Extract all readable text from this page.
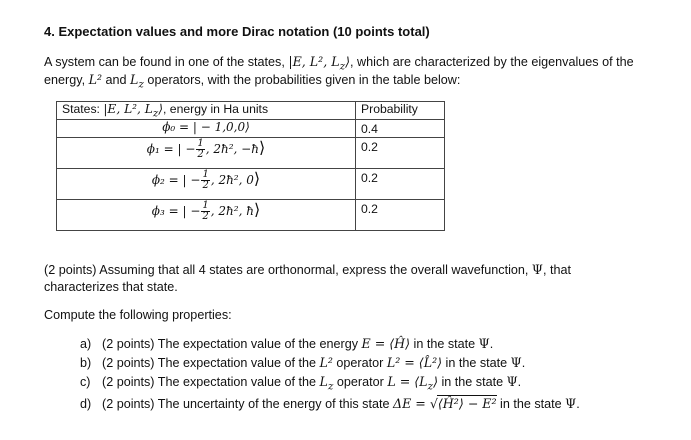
4. Expectation values and more Dirac notation (10 points total)
A system can be found in one of the states, |E, L², $L_z⟩$, which are characterized by the eigenvalues of the
energy, L² and $L_z$ operators, with the probabilities given in the table below:
States: |E, L², $L_z⟩$, energy in Ha units	Probability
ϕ₀ = | − 1,0,0⟩	0.4
ϕ₁ = | − $\frac{1}{2}$ , 2ħ², −ħ⟩	0.2
ϕ₂ = | − $\frac{1}{2}$ , 2ħ², 0⟩	0.2
ϕ₃ = | − $\frac{1}{2}$ , 2ħ², ħ⟩	0.2
(2 points) Assuming that all 4 states are orthonormal, express the overall wavefunction, Ψ, that
characterizes that state.
Compute the following properties:
a) (2 points) The expectation value of the energy E = ⟨Ĥ⟩ in the state Ψ.
b) (2 points) The expectation value of the L² operator L² = ⟨L̂²⟩ in the state Ψ.
c) (2 points) The expectation value of the $L_z$ operator $L = ⟨L_z⟩$ in the state Ψ.
d) (2 points) The uncertainty of the energy of this state ΔE = √⟨Ĥ²⟩ − E² in the state Ψ.
